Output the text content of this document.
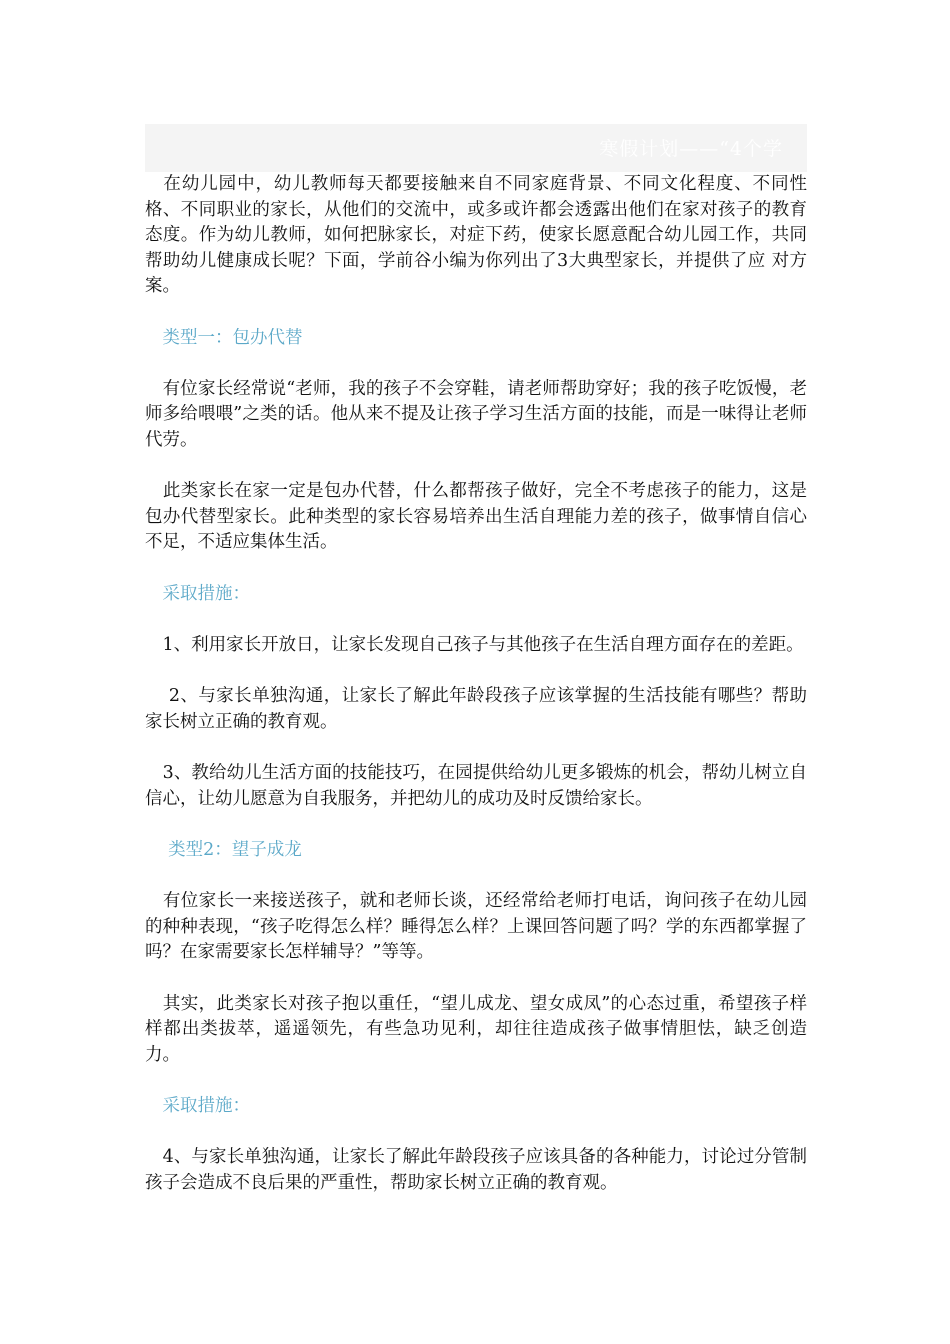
寒假计划——“4个学

　在幼儿园中，幼儿教师每天都要接触来自不同家庭背景、不同文化程度、不同性格、不同职业的家长，从他们的交流中，或多或许都会透露出他们在家对孩子的教育 态度。作为幼儿教师，如何把脉家长，对症下药，使家长愿意配合幼儿园工作，共同帮助幼儿健康成长呢？下面，学前谷小编为你列出了3大典型家长，并提供了应 对方案。

　类型一：包办代替

　有位家长经常说“老师，我的孩子不会穿鞋，请老师帮助穿好；我的孩子吃饭慢，老师多给喂喂”之类的话。他从来不提及让孩子学习生活方面的技能，而是一味得让老师代劳。

　此类家长在家一定是包办代替，什么都帮孩子做好，完全不考虑孩子的能力，这是包办代替型家长。此种类型的家长容易培养出生活自理能力差的孩子，做事情自信心不足，不适应集体生活。

　采取措施：

　1、利用家长开放日，让家长发现自己孩子与其他孩子在生活自理方面存在的差距。

　 2、与家长单独沟通，让家长了解此年龄段孩子应该掌握的生活技能有哪些？帮助家长树立正确的教育观。

　3、教给幼儿生活方面的技能技巧，在园提供给幼儿更多锻炼的机会，帮幼儿树立自信心，让幼儿愿意为自我服务，并把幼儿的成功及时反馈给家长。

　 类型2：望子成龙

　有位家长一来接送孩子，就和老师长谈，还经常给老师打电话，询问孩子在幼儿园的种种表现，“孩子吃得怎么样？睡得怎么样？上课回答问题了吗？学的东西都掌握了吗？在家需要家长怎样辅导？”等等。

　其实，此类家长对孩子抱以重任，“望儿成龙、望女成凤”的心态过重，希望孩子样样都出类拔萃，遥遥领先，有些急功见利，却往往造成孩子做事情胆怯，缺乏创造力。

　采取措施：

　4、与家长单独沟通，让家长了解此年龄段孩子应该具备的各种能力，讨论过分管制孩子会造成不良后果的严重性，帮助家长树立正确的教育观。
